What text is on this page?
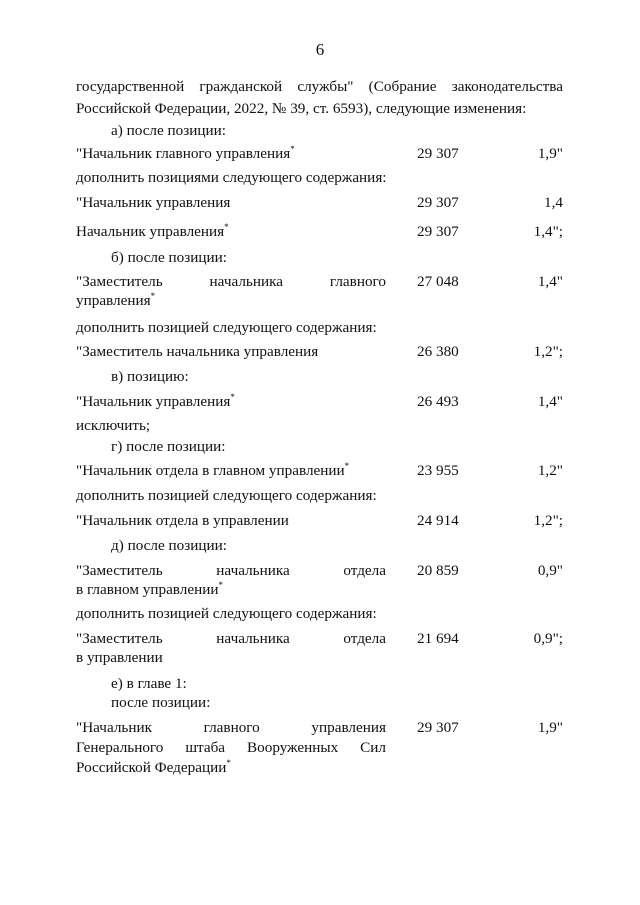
6
государственной гражданской службы" (Собрание законодательства
Российской Федерации, 2022, № 39, ст. 6593), следующие изменения:
а) после позиции:
"Начальник главного управления*	29 307	1,9"
дополнить позициями следующего содержания:
"Начальник управления	29 307	1,4
Начальник управления*	29 307	1,4";
б) после позиции:
"Заместитель начальника главного
управления*
27 048	1,4"
дополнить позицией следующего содержания:
"Заместитель начальника управления	26 380	1,2";
в) позицию:
"Начальник управления*	26 493	1,4"
исключить;
г) после позиции:
"Начальник отдела в главном управлении*	23 955	1,2"
дополнить позицией следующего содержания:
"Начальник отдела в управлении	24 914	1,2";
д) после позиции:
"Заместитель начальника отдела
в главном управлении*
20 859	0,9"
дополнить позицией следующего содержания:
"Заместитель начальника отдела
в управлении
21 694	0,9";
е) в главе 1:
после позиции:
"Начальник главного управления
Генерального штаба Вооруженных Сил
Российской Федерации*
29 307	1,9"
